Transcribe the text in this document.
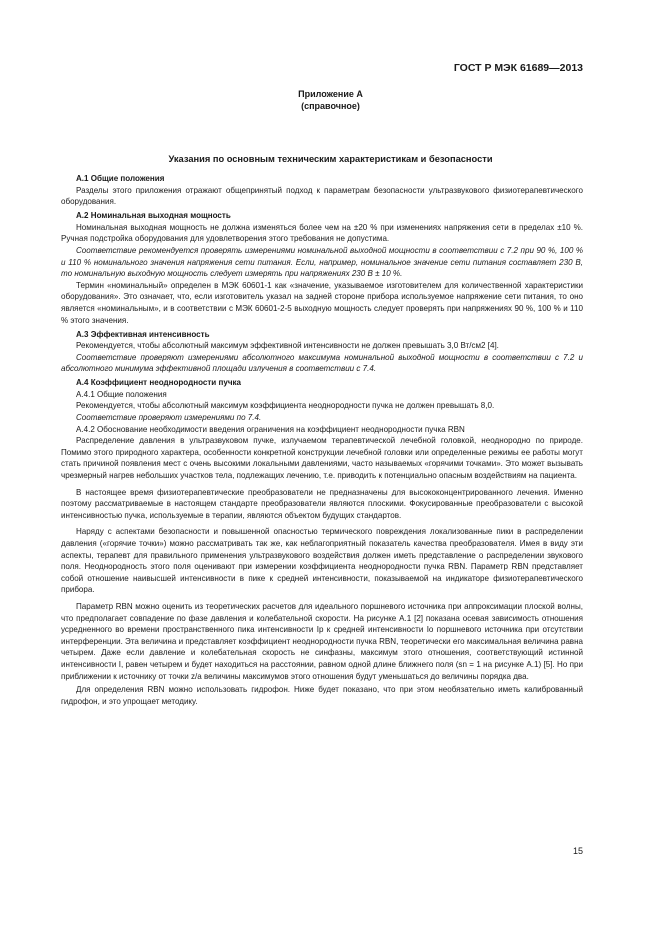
ГОСТ Р МЭК 61689—2013
Приложение А
(справочное)
Указания по основным техническим характеристикам и безопасности

А.1 Общие положения

Разделы этого приложения отражают общепринятый подход к параметрам безопасности ультразвукового физиотерапевтического оборудования.

А.2 Номинальная выходная мощность

Номинальная выходная мощность не должна изменяться более чем на ±20 % при изменениях напряжения сети в пределах ±10 %. Ручная подстройка оборудования для удовлетворения этого требования не допустима.

Соответствие рекомендуется проверять измерениями номинальной выходной мощности в соответствии с 7.2 при 90 %, 100 % и 110 % номинального значения напряжения сети питания. Если, например, номинальное значение сети питания составляет 230 В, то номинальную выходную мощность следует измерять при напряжениях 230 В ± 10 %.

Термин «номинальный» определен в МЭК 60601-1 как «значение, указываемое изготовителем для количественной характеристики оборудования». Это означает, что, если изготовитель указал на задней стороне прибора используемое напряжение сети питания, то оно является «номинальным», и в соответствии с МЭК 60601-2-5 выходную мощность следует проверять при напряжениях 90 %, 100 % и 110 % этого значения.

А.3 Эффективная интенсивность

Рекомендуется, чтобы абсолютный максимум эффективной интенсивности не должен превышать 3,0 Вт/см2 [4].

Соответствие проверяют измерениями абсолютного максимума номинальной выходной мощности в соответствии с 7.2 и абсолютного минимума эффективной площади излучения в соответствии с 7.4.

А.4 Коэффициент неоднородности пучка

А.4.1 Общие положения

Рекомендуется, чтобы абсолютный максимум коэффициента неоднородности пучка не должен превышать 8,0.

Соответствие проверяют измерениями по 7.4.

А.4.2 Обоснование необходимости введения ограничения на коэффициент неоднородности пучка RBN

Распределение давления в ультразвуковом пучке, излучаемом терапевтической лечебной головкой, неоднородно по природе. Помимо этого природного характера, особенности конкретной конструкции лечебной головки или определенные режимы ее работы могут стать причиной появления мест с очень высокими локальными давлениями, часто называемых «горячими точками». Это может вызывать чрезмерный нагрев небольших участков тела, подлежащих лечению, т.е. приводить к потенциально опасным воздействиям на пациента.

В настоящее время физиотерапевтические преобразователи не предназначены для высококонцентрированного лечения. Именно поэтому рассматриваемые в настоящем стандарте преобразователи являются плоскими. Фокусированные преобразователи с высокой интенсивностью пучка, используемые в терапии, являются объектом будущих стандартов.

Наряду с аспектами безопасности и повышенной опасностью термического повреждения локализованные пики в распределении давления («горячие точки») можно рассматривать так же, как неблагоприятный показатель качества преобразователя. Имея в виду эти аспекты, терапевт для правильного применения ультразвукового воздействия должен иметь представление о распределении звукового поля. Неоднородность этого поля оценивают при измерении коэффициента неоднородности пучка RBN. Параметр RBN представляет собой отношение наивысшей интенсивности в пике к средней интенсивности, показываемой на индикаторе физиотерапевтического прибора.

Параметр RBN можно оценить из теоретических расчетов для идеального поршневого источника при аппроксимации плоской волны, что предполагает совпадение по фазе давления и колебательной скорости. На рисунке А.1 [2] показана осевая зависимость отношения усредненного во времени пространственного пика интенсивности Ip к средней интенсивности Io поршневого источника при отсутствии интерференции. Эта величина и представляет коэффициент неоднородности пучка RBN, теоретически его максимальная величина равна четырем. Даже если давление и колебательная скорость не синфазны, максимум этого отношения, соответствующий истинной интенсивности I, равен четырем и будет находиться на расстоянии, равном одной длине ближнего поля (sn = 1 на рисунке А.1) [5]. Но при приближении к источнику от точки z/a величины максимумов этого отношения будут уменьшаться до величины порядка два.

Для определения RBN можно использовать гидрофон. Ниже будет показано, что при этом необязательно иметь калиброванный гидрофон, и это упрощает методику.

15
